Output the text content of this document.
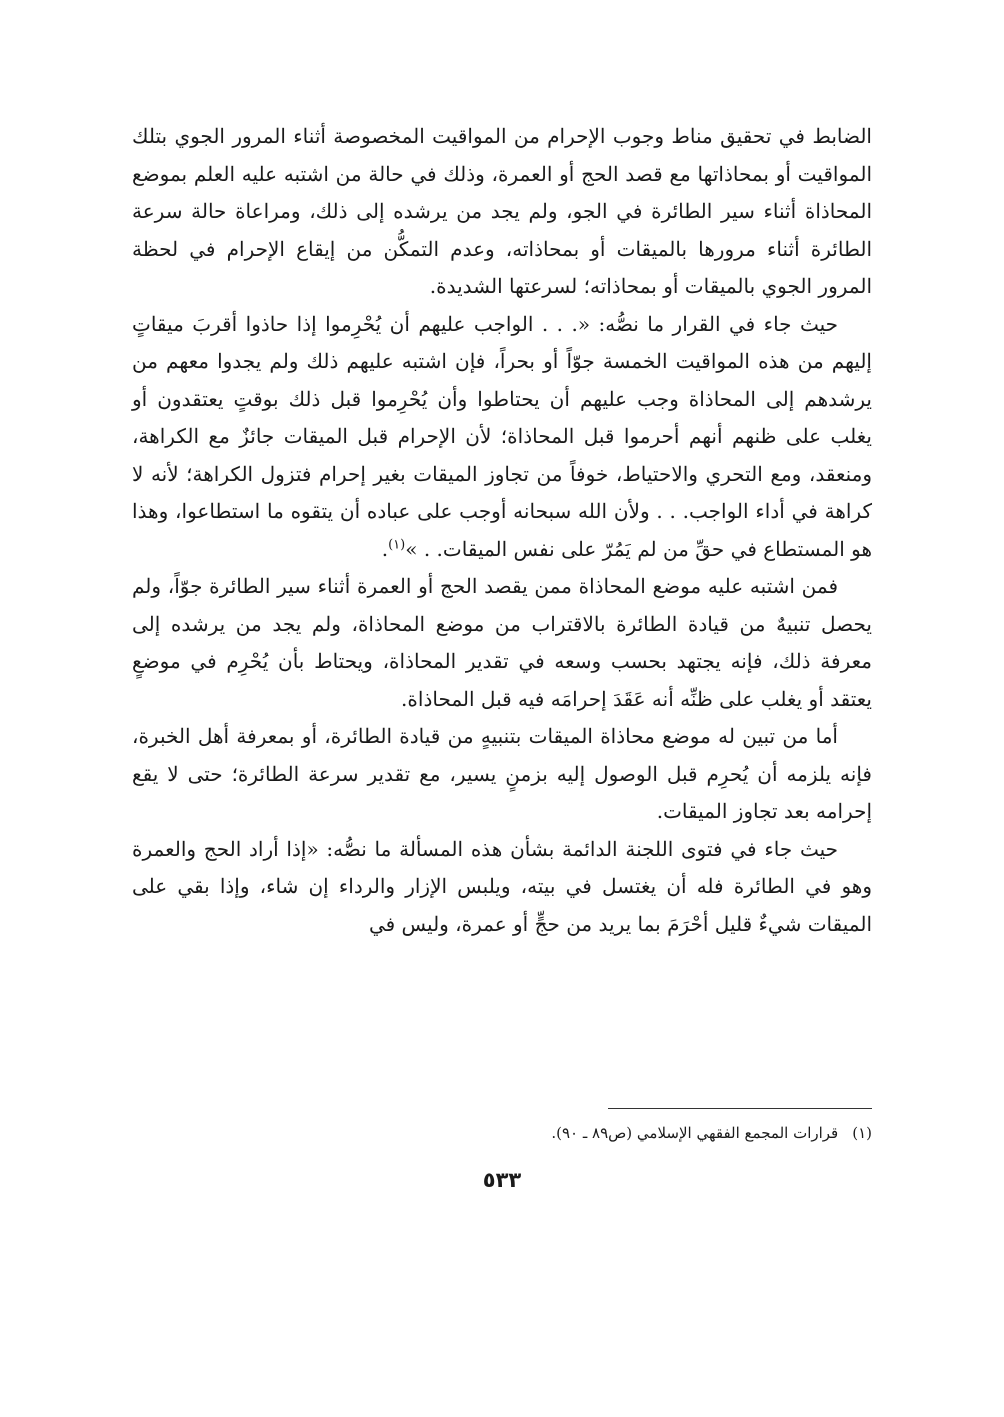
الضابط في تحقيق مناط وجوب الإحرام من المواقيت المخصوصة أثناء المرور الجوي بتلك المواقيت أو بمحاذاتها مع قصد الحج أو العمرة، وذلك في حالة من اشتبه عليه العلم بموضع المحاذاة أثناء سير الطائرة في الجو، ولم يجد من يرشده إلى ذلك، ومراعاة حالة سرعة الطائرة أثناء مرورها بالميقات أو بمحاذاته، وعدم التمكُّن من إيقاع الإحرام في لحظة المرور الجوي بالميقات أو بمحاذاته؛ لسرعتها الشديدة.

حيث جاء في القرار ما نصُّه: «. . . الواجب عليهم أن يُحْرِموا إذا حاذوا أقربَ ميقاتٍ إليهم من هذه المواقيت الخمسة جوّاً أو بحراً، فإن اشتبه عليهم ذلك ولم يجدوا معهم من يرشدهم إلى المحاذاة وجب عليهم أن يحتاطوا وأن يُحْرِموا قبل ذلك بوقتٍ يعتقدون أو يغلب على ظنهم أنهم أحرموا قبل المحاذاة؛ لأن الإحرام قبل الميقات جائزٌ مع الكراهة، ومنعقد، ومع التحري والاحتياط، خوفاً من تجاوز الميقات بغير إحرام فتزول الكراهة؛ لأنه لا كراهة في أداء الواجب. . . ولأن الله سبحانه أوجب على عباده أن يتقوه ما استطاعوا، وهذا هو المستطاع في حقِّ من لم يَمُرّ على نفس الميقات. . »$^{(١)}$.

فمن اشتبه عليه موضع المحاذاة ممن يقصد الحج أو العمرة أثناء سير الطائرة جوّاً، ولم يحصل تنبيهٌ من قيادة الطائرة بالاقتراب من موضع المحاذاة، ولم يجد من يرشده إلى معرفة ذلك، فإنه يجتهد بحسب وسعه في تقدير المحاذاة، ويحتاط بأن يُحْرِم في موضعٍ يعتقد أو يغلب على ظنِّه أنه عَقَدَ إحرامَه فيه قبل المحاذاة.

أما من تبين له موضع محاذاة الميقات بتنبيهٍ من قيادة الطائرة، أو بمعرفة أهل الخبرة، فإنه يلزمه أن يُحرِم قبل الوصول إليه بزمنٍ يسير، مع تقدير سرعة الطائرة؛ حتى لا يقع إحرامه بعد تجاوز الميقات.

حيث جاء في فتوى اللجنة الدائمة بشأن هذه المسألة ما نصُّه: «إذا أراد الحج والعمرة وهو في الطائرة فله أن يغتسل في بيته، ويلبس الإزار والرداء إن شاء، وإذا بقي على الميقات شيءٌ قليل أحْرَمَ بما يريد من حجٍّ أو عمرة، وليس في

(١)قرارات المجمع الفقهي الإسلامي (ص٨٩ ـ ٩٠).
٥٣٣
